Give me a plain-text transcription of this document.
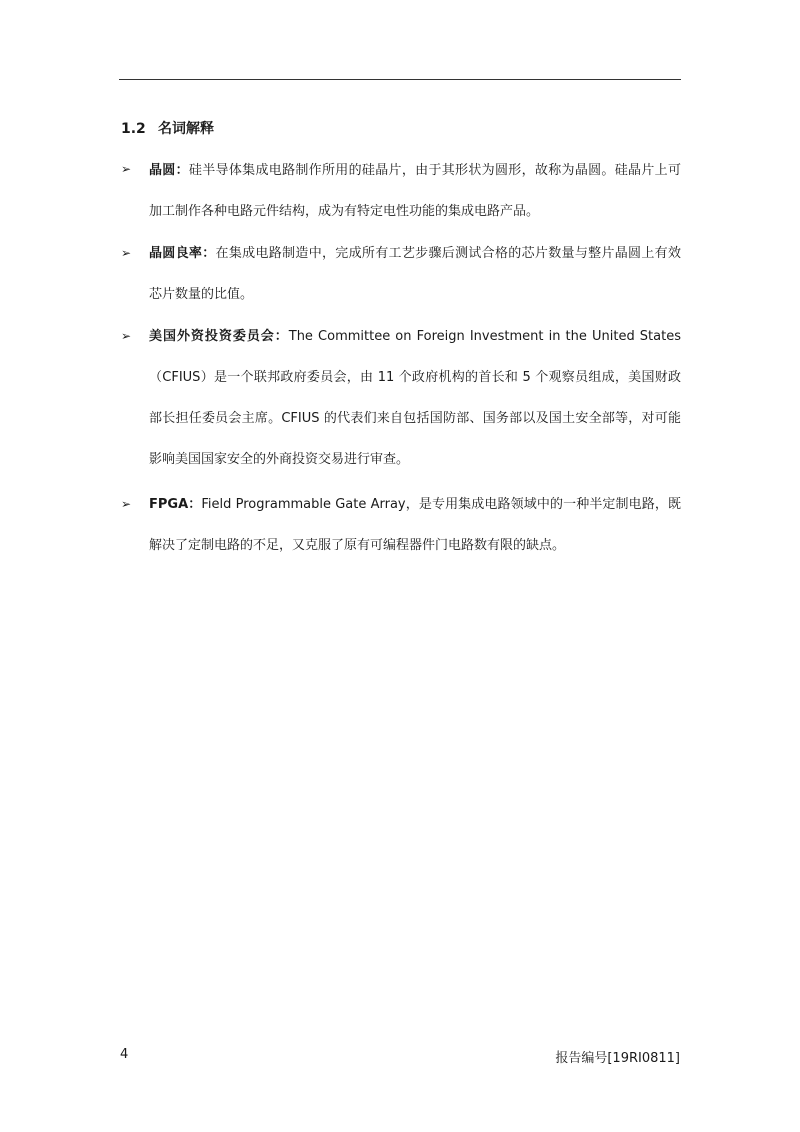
1.2 名词解释
➢ 晶圆：硅半导体集成电路制作所用的硅晶片，由于其形状为圆形，故称为晶圆。硅晶片上可加工制作各种电路元件结构，成为有特定电性功能的集成电路产品。

➢ 晶圆良率：在集成电路制造中，完成所有工艺步骤后测试合格的芯片数量与整片晶圆上有效芯片数量的比值。

➢ 美国外资投资委员会：The Committee on Foreign Investment in the United States（CFIUS）是一个联邦政府委员会，由 11 个政府机构的首长和 5 个观察员组成，美国财政部长担任委员会主席。CFIUS 的代表们来自包括国防部、国务部以及国土安全部等，对可能影响美国国家安全的外商投资交易进行审查。

➢ FPGA：Field Programmable Gate Array，是专用集成电路领域中的一种半定制电路，既解决了定制电路的不足，又克服了原有可编程器件门电路数有限的缺点。

4	报告编号[19RI0811]
